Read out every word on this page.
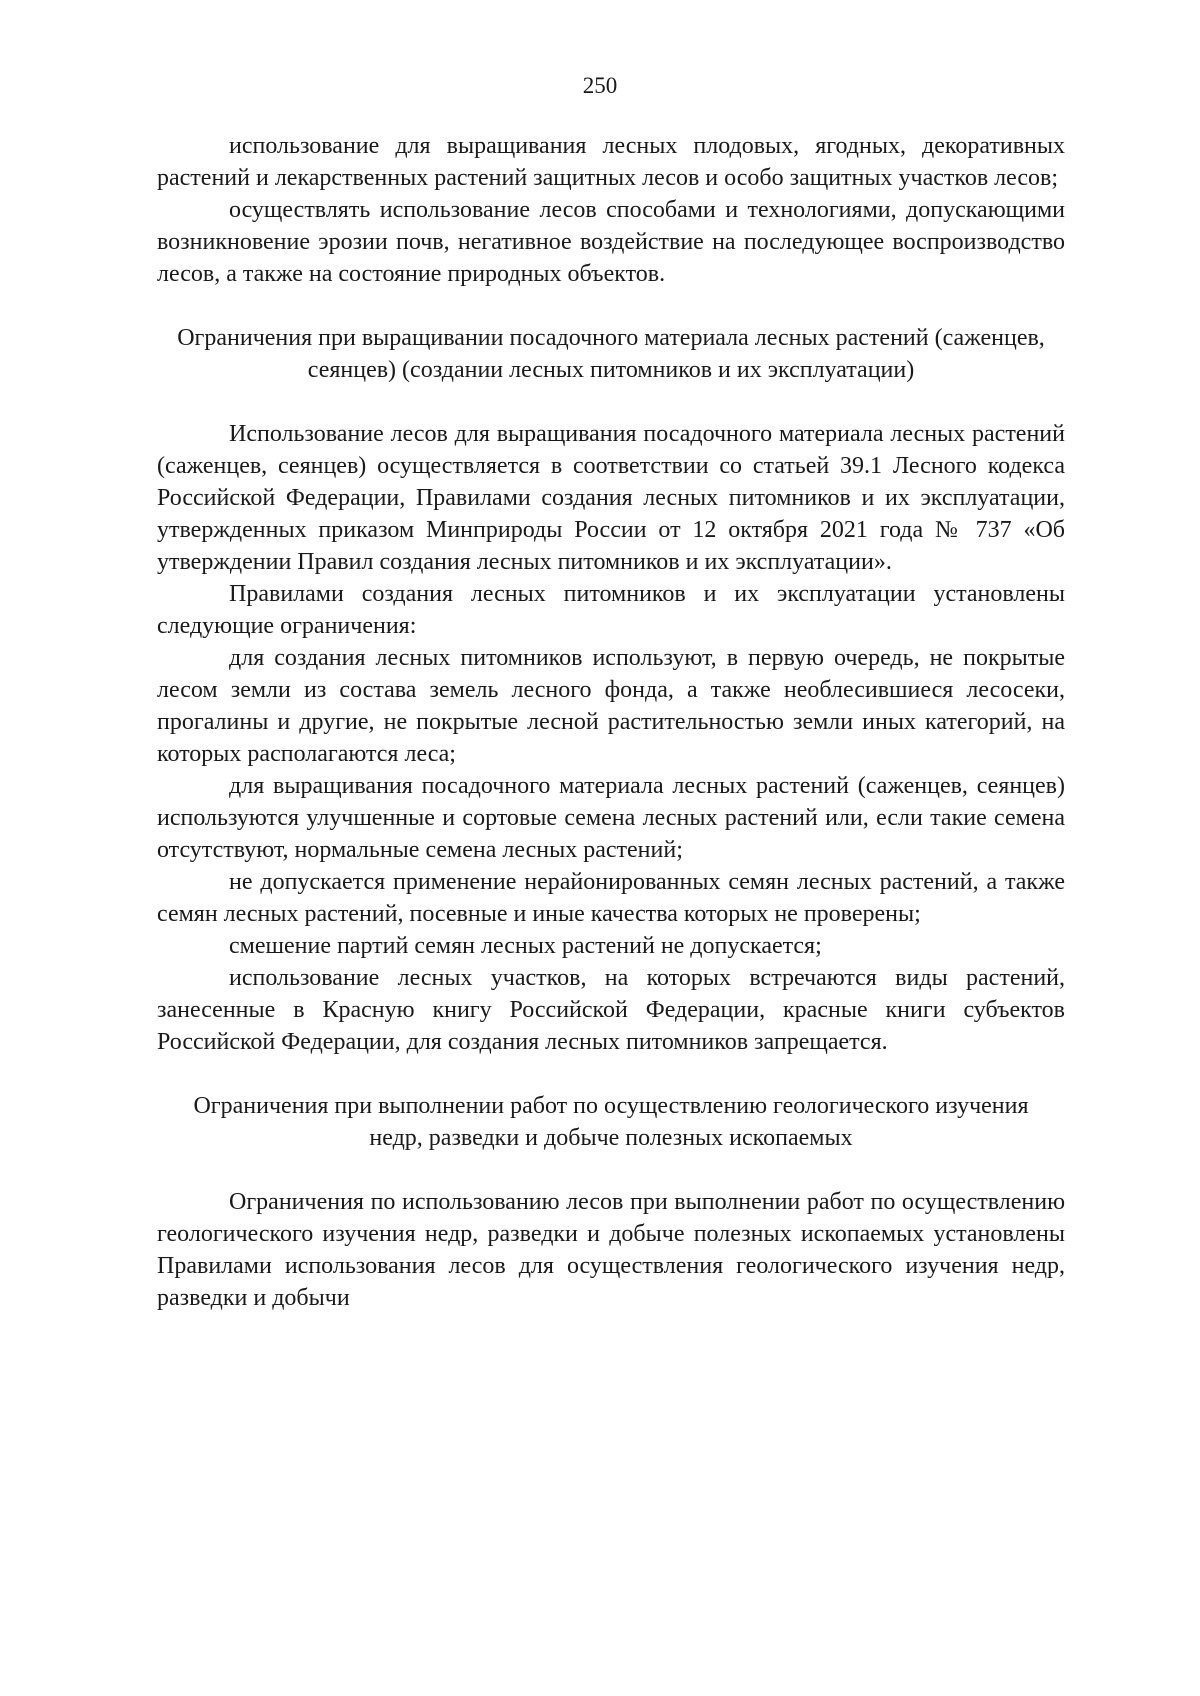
250

использование для выращивания лесных плодовых, ягодных, декоративных растений и лекарственных растений защитных лесов и особо защитных участков лесов;

осуществлять использование лесов способами и технологиями, допускающими возникновение эрозии почв, негативное воздействие на последующее воспроизводство лесов, а также на состояние природных объектов.

Ограничения при выращивании посадочного материала лесных растений (саженцев, сеянцев) (создании лесных питомников и их эксплуатации)

Использование лесов для выращивания посадочного материала лесных растений (саженцев, сеянцев) осуществляется в соответствии со статьей 39.1 Лесного кодекса Российской Федерации, Правилами создания лесных питомников и их эксплуатации, утвержденных приказом Минприроды России от 12 октября 2021 года № 737 «Об утверждении Правил создания лесных питомников и их эксплуатации».

Правилами создания лесных питомников и их эксплуатации установлены следующие ограничения:

для создания лесных питомников используют, в первую очередь, не покрытые лесом земли из состава земель лесного фонда, а также необлесившиеся лесосеки, прогалины и другие, не покрытые лесной растительностью земли иных категорий, на которых располагаются леса;

для выращивания посадочного материала лесных растений (саженцев, сеянцев) используются улучшенные и сортовые семена лесных растений или, если такие семена отсутствуют, нормальные семена лесных растений;

не допускается применение нерайонированных семян лесных растений, а также семян лесных растений, посевные и иные качества которых не проверены;

смешение партий семян лесных растений не допускается;

использование лесных участков, на которых встречаются виды растений, занесенные в Красную книгу Российской Федерации, красные книги субъектов Российской Федерации, для создания лесных питомников запрещается.

Ограничения при выполнении работ по осуществлению геологического изучения недр, разведки и добыче полезных ископаемых

Ограничения по использованию лесов при выполнении работ по осуществлению геологического изучения недр, разведки и добыче полезных ископаемых установлены Правилами использования лесов для осуществления геологического изучения недр, разведки и добычи
